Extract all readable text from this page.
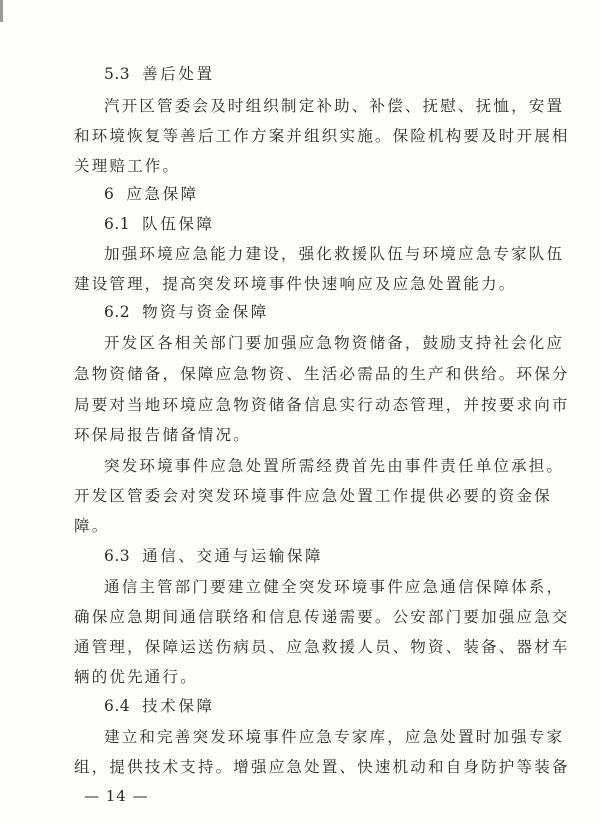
5.3 善后处置
汽开区管委会及时组织制定补助、补偿、抚慰、抚恤，安置
和环境恢复等善后工作方案并组织实施。保险机构要及时开展相
关理赔工作。
6 应急保障
6.1 队伍保障
加强环境应急能力建设，强化救援队伍与环境应急专家队伍
建设管理，提高突发环境事件快速响应及应急处置能力。
6.2 物资与资金保障
开发区各相关部门要加强应急物资储备，鼓励支持社会化应
急物资储备，保障应急物资、生活必需品的生产和供给。环保分
局要对当地环境应急物资储备信息实行动态管理，并按要求向市
环保局报告储备情况。
突发环境事件应急处置所需经费首先由事件责任单位承担。
开发区管委会对突发环境事件应急处置工作提供必要的资金保
障。
6.3 通信、交通与运输保障
通信主管部门要建立健全突发环境事件应急通信保障体系，
确保应急期间通信联络和信息传递需要。公安部门要加强应急交
通管理，保障运送伤病员、应急救援人员、物资、装备、器材车
辆的优先通行。
6.4 技术保障
建立和完善突发环境事件应急专家库，应急处置时加强专家
组，提供技术支持。增强应急处置、快速机动和自身防护等装备
— 14 —
